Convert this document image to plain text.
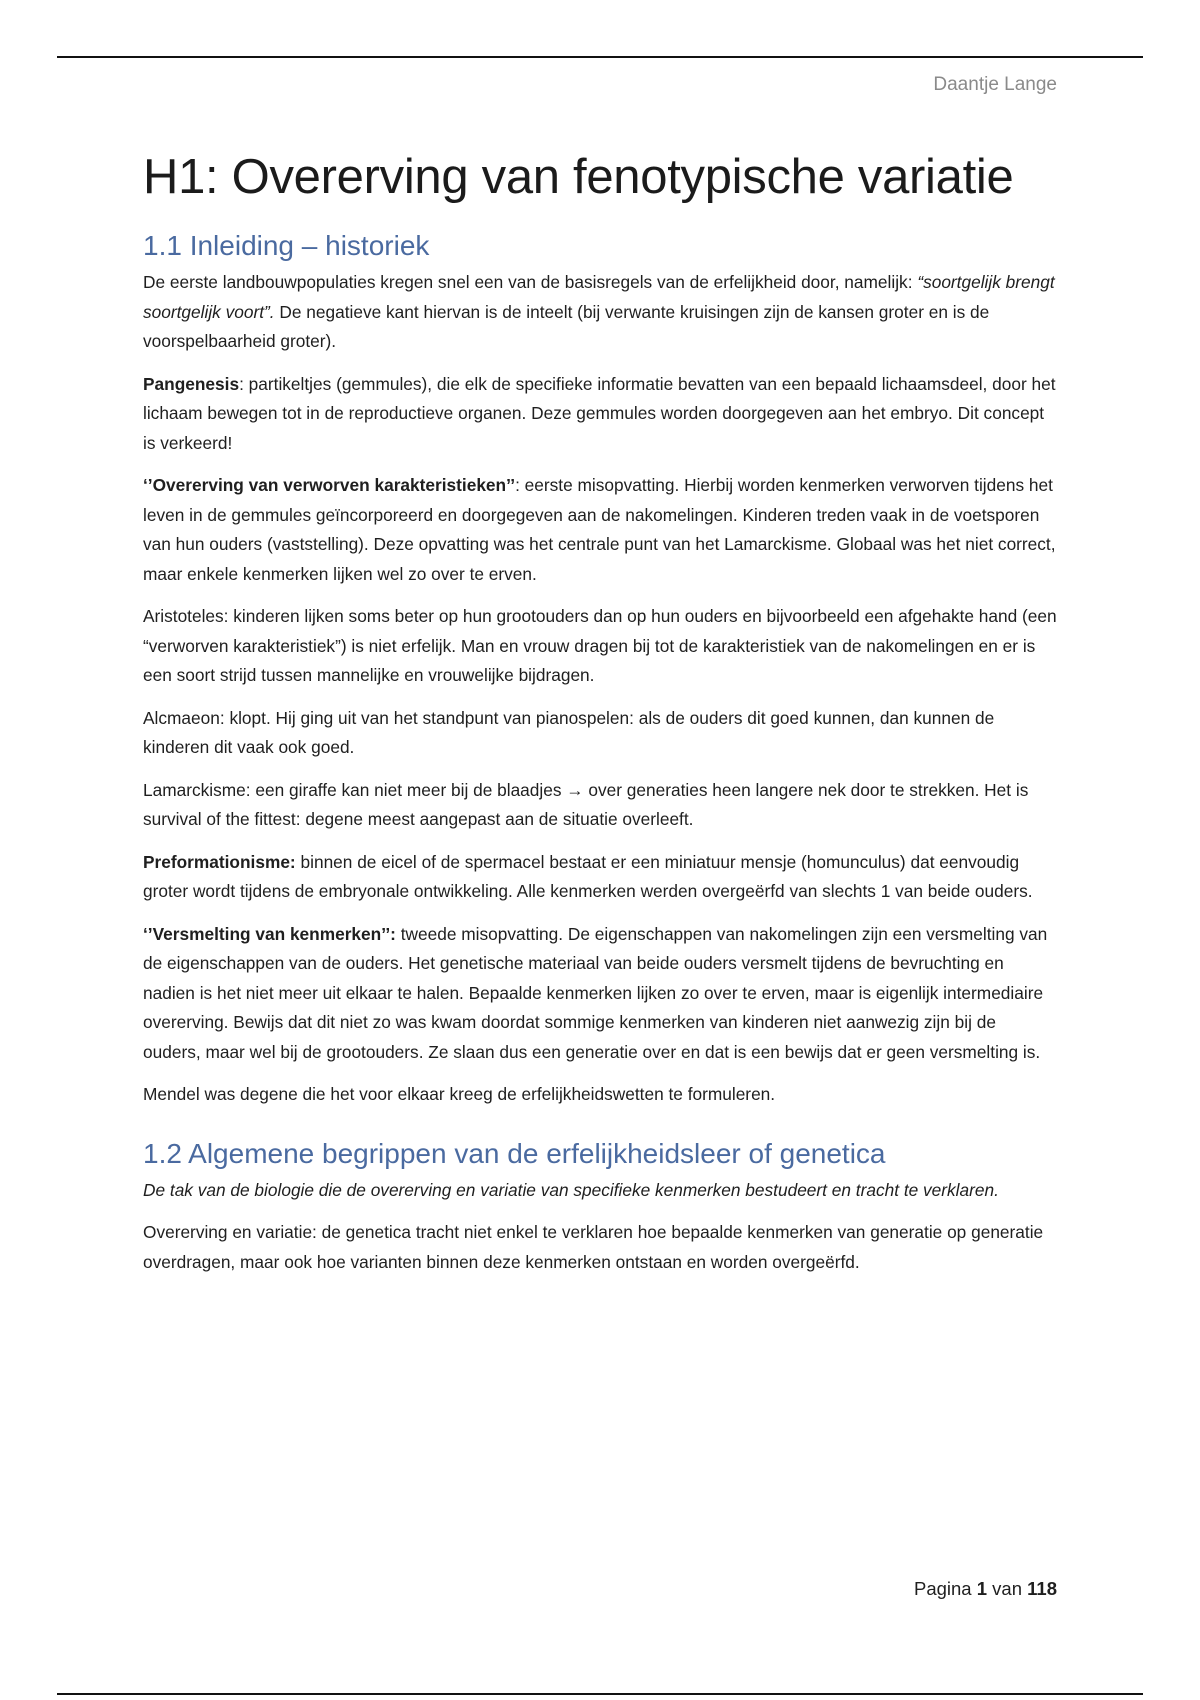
Daantje Lange
H1: Overerving van fenotypische variatie
1.1 Inleiding – historiek

De eerste landbouwpopulaties kregen snel een van de basisregels van de erfelijkheid door, namelijk: “soortgelijk brengt soortgelijk voort”. De negatieve kant hiervan is de inteelt (bij verwante kruisingen zijn de kansen groter en is de voorspelbaarheid groter).

Pangenesis: partikeltjes (gemmules), die elk de specifieke informatie bevatten van een bepaald lichaamsdeel, door het lichaam bewegen tot in de reproductieve organen. Deze gemmules worden doorgegeven aan het embryo. Dit concept is verkeerd!

‘’Overerving van verworven karakteristieken’’: eerste misopvatting. Hierbij worden kenmerken verworven tijdens het leven in de gemmules geïncorporeerd en doorgegeven aan de nakomelingen. Kinderen treden vaak in de voetsporen van hun ouders (vaststelling). Deze opvatting was het centrale punt van het Lamarckisme. Globaal was het niet correct, maar enkele kenmerken lijken wel zo over te erven.

Aristoteles: kinderen lijken soms beter op hun grootouders dan op hun ouders en bijvoorbeeld een afgehakte hand (een “verworven karakteristiek”) is niet erfelijk. Man en vrouw dragen bij tot de karakteristiek van de nakomelingen en er is een soort strijd tussen mannelijke en vrouwelijke bijdragen.

Alcmaeon: klopt. Hij ging uit van het standpunt van pianospelen: als de ouders dit goed kunnen, dan kunnen de kinderen dit vaak ook goed.

Lamarckisme: een giraffe kan niet meer bij de blaadjes → over generaties heen langere nek door te strekken. Het is survival of the fittest: degene meest aangepast aan de situatie overleeft.

Preformationisme: binnen de eicel of de spermacel bestaat er een miniatuur mensje (homunculus) dat eenvoudig groter wordt tijdens de embryonale ontwikkeling. Alle kenmerken werden overgeërfd van slechts 1 van beide ouders.

‘’Versmelting van kenmerken’’: tweede misopvatting. De eigenschappen van nakomelingen zijn een versmelting van de eigenschappen van de ouders. Het genetische materiaal van beide ouders versmelt tijdens de bevruchting en nadien is het niet meer uit elkaar te halen. Bepaalde kenmerken lijken zo over te erven, maar is eigenlijk intermediaire overerving. Bewijs dat dit niet zo was kwam doordat sommige kenmerken van kinderen niet aanwezig zijn bij de ouders, maar wel bij de grootouders. Ze slaan dus een generatie over en dat is een bewijs dat er geen versmelting is.

Mendel was degene die het voor elkaar kreeg de erfelijkheidswetten te formuleren.

1.2 Algemene begrippen van de erfelijkheidsleer of genetica

De tak van de biologie die de overerving en variatie van specifieke kenmerken bestudeert en tracht te verklaren.

Overerving en variatie: de genetica tracht niet enkel te verklaren hoe bepaalde kenmerken van generatie op generatie overdragen, maar ook hoe varianten binnen deze kenmerken ontstaan en worden overgeërfd.

Pagina 1 van 118
